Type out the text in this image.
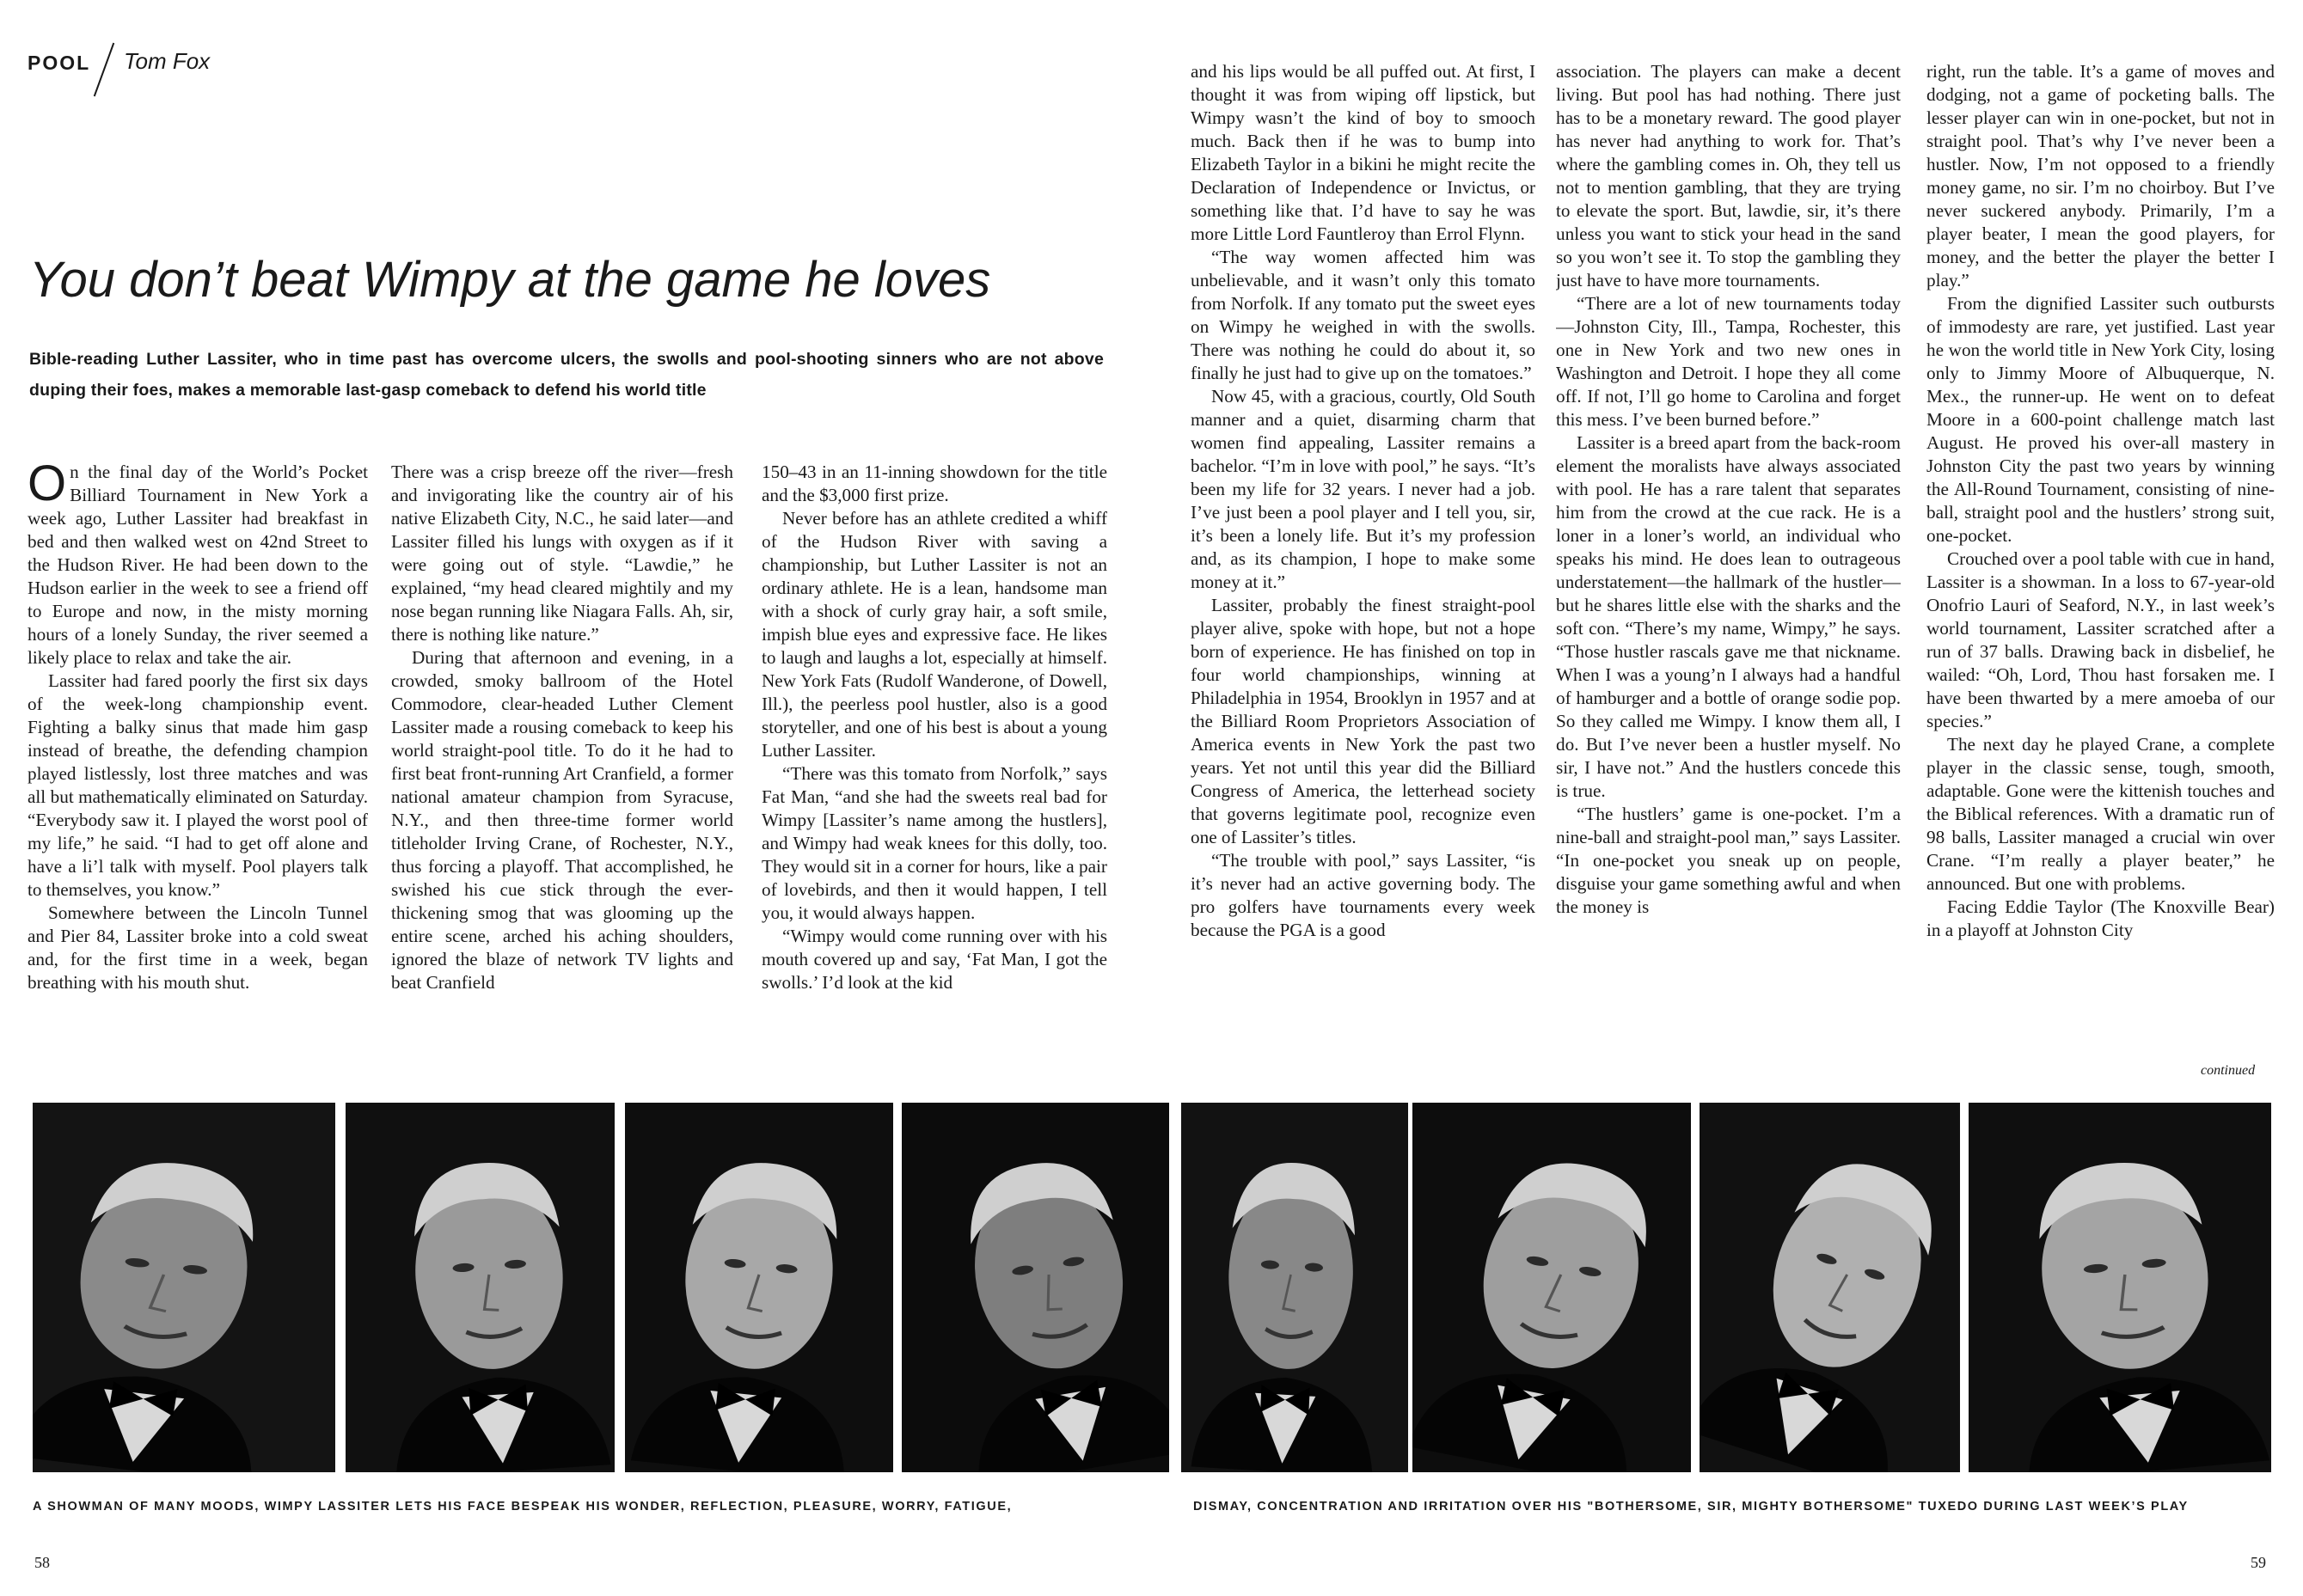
POOL Tom Fox
You don’t beat Wimpy at the game he loves
Bible-reading Luther Lassiter, who in time past has overcome ulcers, the swolls and pool-shooting sinners who are not above duping their foes, makes a memorable last-gasp comeback to defend his world title

On the final day of the World’s Pocket Billiard Tournament in New York a week ago, Luther Lassiter had breakfast in bed and then walked west on 42nd Street to the Hudson River. He had been down to the Hudson earlier in the week to see a friend off to Europe and now, in the misty morning hours of a lonely Sunday, the river seemed a likely place to relax and take the air.

Lassiter had fared poorly the first six days of the week-long championship event. Fighting a balky sinus that made him gasp instead of breathe, the defending champion played listlessly, lost three matches and was all but mathematically eliminated on Saturday. “Everybody saw it. I played the worst pool of my life,” he said. “I had to get off alone and have a li’l talk with myself. Pool players talk to themselves, you know.”

Somewhere between the Lincoln Tunnel and Pier 84, Lassiter broke into a cold sweat and, for the first time in a week, began breathing with his mouth shut.

There was a crisp breeze off the river—fresh and invigorating like the country air of his native Elizabeth City, N.C., he said later—and Lassiter filled his lungs with oxygen as if it were going out of style. “Lawdie,” he explained, “my head cleared mightily and my nose began running like Niagara Falls. Ah, sir, there is nothing like nature.”

During that afternoon and evening, in a crowded, smoky ballroom of the Hotel Commodore, clear-headed Luther Clement Lassiter made a rousing comeback to keep his world straight-pool title. To do it he had to first beat front-running Art Cranfield, a former national amateur champion from Syracuse, N.Y., and then three-time former world titleholder Irving Crane, of Rochester, N.Y., thus forcing a playoff. That accomplished, he swished his cue stick through the ever-thickening smog that was glooming up the entire scene, arched his aching shoulders, ignored the blaze of network TV lights and beat Cranfield

150–43 in an 11-inning showdown for the title and the $3,000 first prize.

Never before has an athlete credited a whiff of the Hudson River with saving a championship, but Luther Lassiter is not an ordinary athlete. He is a lean, handsome man with a shock of curly gray hair, a soft smile, impish blue eyes and expressive face. He likes to laugh and laughs a lot, especially at himself. New York Fats (Rudolf Wanderone, of Dowell, Ill.), the peerless pool hustler, also is a good storyteller, and one of his best is about a young Luther Lassiter.

“There was this tomato from Norfolk,” says Fat Man, “and she had the sweets real bad for Wimpy [Lassiter’s name among the hustlers], and Wimpy had weak knees for this dolly, too. They would sit in a corner for hours, like a pair of lovebirds, and then it would happen, I tell you, it would always happen.

“Wimpy would come running over with his mouth covered up and say, ‘Fat Man, I got the swolls.’ I’d look at the kid

and his lips would be all puffed out. At first, I thought it was from wiping off lipstick, but Wimpy wasn’t the kind of boy to smooch much. Back then if he was to bump into Elizabeth Taylor in a bikini he might recite the Declaration of Independence or Invictus, or something like that. I’d have to say he was more Little Lord Fauntleroy than Errol Flynn.

“The way women affected him was unbelievable, and it wasn’t only this tomato from Norfolk. If any tomato put the sweet eyes on Wimpy he weighed in with the swolls. There was nothing he could do about it, so finally he just had to give up on the tomatoes.”

Now 45, with a gracious, courtly, Old South manner and a quiet, disarming charm that women find appealing, Lassiter remains a bachelor. “I’m in love with pool,” he says. “It’s been my life for 32 years. I never had a job. I’ve just been a pool player and I tell you, sir, it’s been a lonely life. But it’s my profession and, as its champion, I hope to make some money at it.”

Lassiter, probably the finest straight-pool player alive, spoke with hope, but not a hope born of experience. He has finished on top in four world championships, winning at Philadelphia in 1954, Brooklyn in 1957 and at the Billiard Room Proprietors Association of America events in New York the past two years. Yet not until this year did the Billiard Congress of America, the letterhead society that governs legitimate pool, recognize even one of Lassiter’s titles.

“The trouble with pool,” says Lassiter, “is it’s never had an active governing body. The pro golfers have tournaments every week because the PGA is a good

association. The players can make a decent living. But pool has had nothing. There just has to be a monetary reward. The good player has never had anything to work for. That’s where the gambling comes in. Oh, they tell us not to mention gambling, that they are trying to elevate the sport. But, lawdie, sir, it’s there unless you want to stick your head in the sand so you won’t see it. To stop the gambling they just have to have more tournaments.

“There are a lot of new tournaments today—Johnston City, Ill., Tampa, Rochester, this one in New York and two new ones in Washington and Detroit. I hope they all come off. If not, I’ll go home to Carolina and forget this mess. I’ve been burned before.”

Lassiter is a breed apart from the back-room element the moralists have always associated with pool. He has a rare talent that separates him from the crowd at the cue rack. He is a loner in a loner’s world, an individual who speaks his mind. He does lean to outrageous understatement—the hallmark of the hustler—but he shares little else with the sharks and the soft con. “There’s my name, Wimpy,” he says. “Those hustler rascals gave me that nickname. When I was a young’n I always had a handful of hamburger and a bottle of orange sodie pop. So they called me Wimpy. I know them all, I do. But I’ve never been a hustler myself. No sir, I have not.” And the hustlers concede this is true.

“The hustlers’ game is one-pocket. I’m a nine-ball and straight-pool man,” says Lassiter. “In one-pocket you sneak up on people, disguise your game something awful and when the money is

right, run the table. It’s a game of moves and dodging, not a game of pocketing balls. The lesser player can win in one-pocket, but not in straight pool. That’s why I’ve never been a hustler. Now, I’m not opposed to a friendly money game, no sir. I’m no choirboy. But I’ve never suckered anybody. Primarily, I’m a player beater, I mean the good players, for money, and the better the player the better I play.”

From the dignified Lassiter such outbursts of immodesty are rare, yet justified. Last year he won the world title in New York City, losing only to Jimmy Moore of Albuquerque, N. Mex., the runner-up. He went on to defeat Moore in a 600-point challenge match last August. He proved his over-all mastery in Johnston City the past two years by winning the All-Round Tournament, consisting of nine-ball, straight pool and the hustlers’ strong suit, one-pocket.

Crouched over a pool table with cue in hand, Lassiter is a showman. In a loss to 67-year-old Onofrio Lauri of Seaford, N.Y., in last week’s world tournament, Lassiter scratched after a run of 37 balls. Drawing back in disbelief, he wailed: “Oh, Lord, Thou hast forsaken me. I have been thwarted by a mere amoeba of our species.”

The next day he played Crane, a complete player in the classic sense, tough, smooth, adaptable. Gone were the kittenish touches and the Biblical references. With a dramatic run of 98 balls, Lassiter managed a crucial win over Crane. “I’m really a player beater,” he announced. But one with problems.

Facing Eddie Taylor (The Knoxville Bear) in a playoff at Johnston City

continued
A SHOWMAN OF MANY MOODS, WIMPY LASSITER LETS HIS FACE BESPEAK HIS WONDER, REFLECTION, PLEASURE, WORRY, FATIGUE,	DISMAY, CONCENTRATION AND IRRITATION OVER HIS "BOTHERSOME, SIR, MIGHTY BOTHERSOME" TUXEDO DURING LAST WEEK’S PLAY
58	59
